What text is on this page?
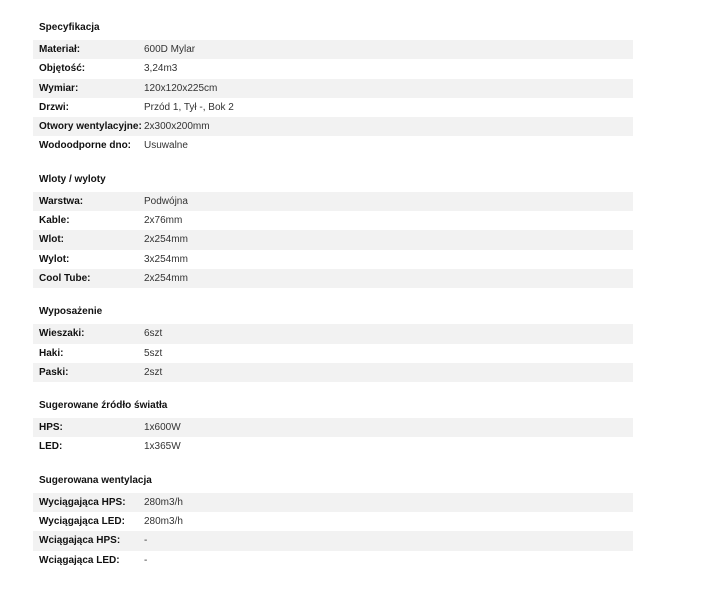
Specyfikacja
Materiał:	600D Mylar
Objętość:	3,24m3
Wymiar:	120x120x225cm
Drzwi:	Przód 1, Tył -, Bok 2
Otwory wentylacyjne: 2x300x200mm
Wodoodporne dno:	Usuwalne
Wloty / wyloty
Warstwa:	Podwójna
Kable:	2x76mm
Wlot:	2x254mm
Wylot:	3x254mm
Cool Tube:	2x254mm
Wyposażenie
Wieszaki:	6szt
Haki:	5szt
Paski:	2szt
Sugerowane źródło światła
HPS:	1x600W
LED:	1x365W
Sugerowana wentylacja
Wyciągająca HPS:	280m3/h
Wyciągająca LED:	280m3/h
Wciągająca HPS:	-
Wciągająca LED:	-
